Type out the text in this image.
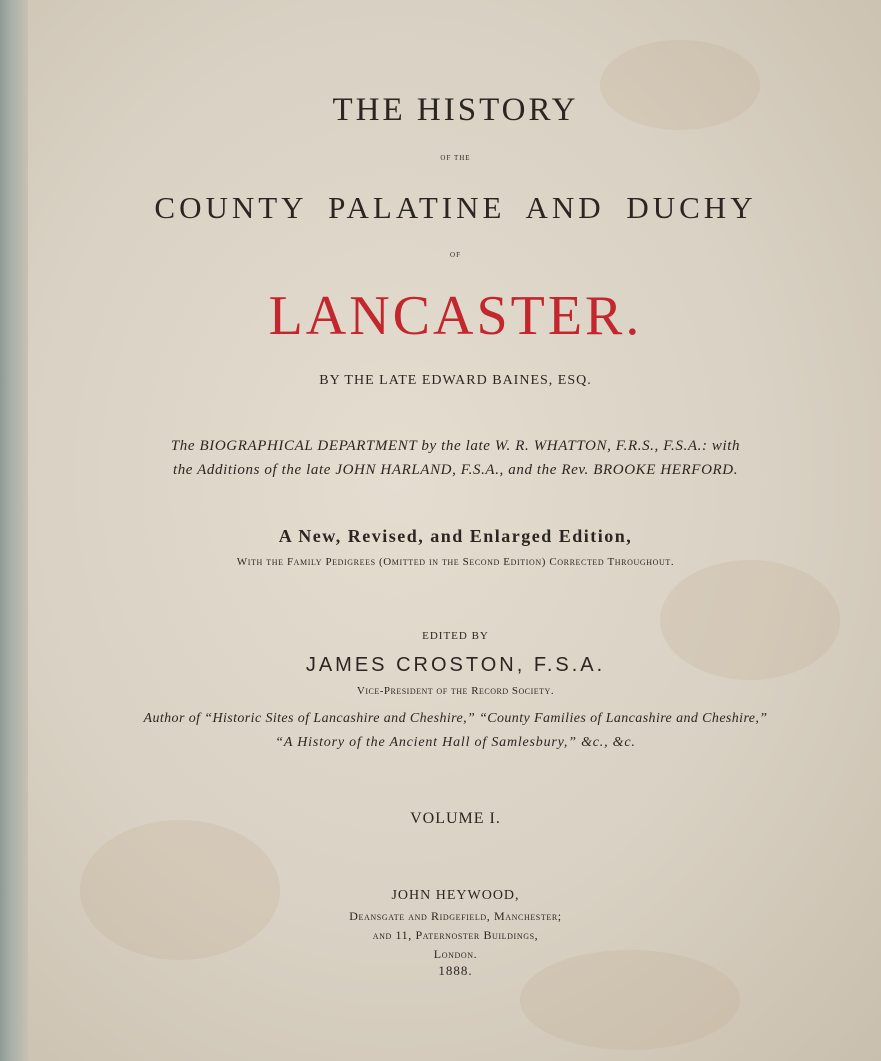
THE HISTORY
OF THE
COUNTY PALATINE AND DUCHY
OF
LANCASTER.
BY THE LATE EDWARD BAINES, ESQ.
The BIOGRAPHICAL DEPARTMENT by the late W. R. WHATTON, F.R.S., F.S.A.: with
the Additions of the late JOHN HARLAND, F.S.A., and the Rev. BROOKE HERFORD.
A New, Revised, and Enlarged Edition,
With the Family Pedigrees (Omitted in the Second Edition) Corrected Throughout.
EDITED BY
JAMES CROSTON, F.S.A.
Vice-President of the Record Society.
Author of “Historic Sites of Lancashire and Cheshire,” “County Families of Lancashire and Cheshire,”
“A History of the Ancient Hall of Samlesbury,” &c., &c.
VOLUME I.
JOHN HEYWOOD,
Deansgate and Ridgefield, Manchester;
and 11, Paternoster Buildings,
London.
1888.
